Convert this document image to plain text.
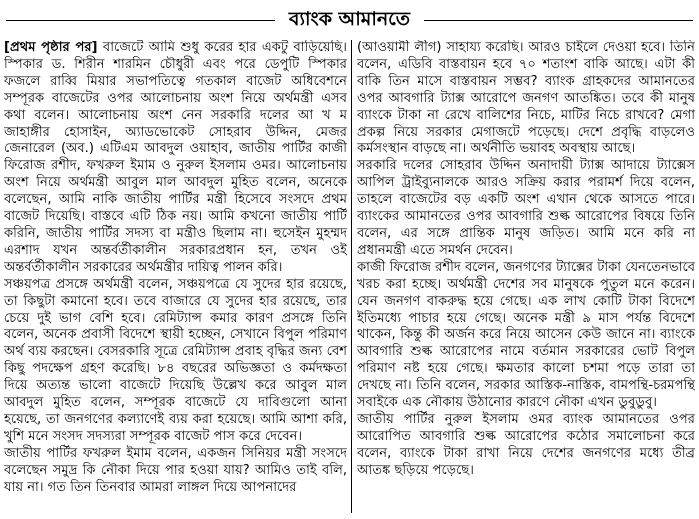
ব্যাংক আমানতে

[প্রথম পৃষ্ঠার পর] বাজেটে আমি শুধু করের হার একটু বাড়িয়েছি। স্পিকার ড. শিরীন শারমিন চৌধুরী এবং পরে ডেপুটি স্পিকার ফজলে রাব্বি মিয়ার সভাপতিত্বে গতকাল বাজেট অধিবেশনে সম্পূরক বাজেটের ওপর আলোচনায় অংশ নিয়ে অর্থমন্ত্রী এসব কথা বলেন। আলোচনায় অংশ নেন সরকারি দলের আ খ ম জাহাঙ্গীর হোসাইন, অ্যাডভোকেট সোহরাব উদ্দিন, মেজর জেনারেল (অব.) এটিএম আবদুল ওয়াহাব, জাতীয় পার্টির কাজী ফিরোজ রশীদ, ফখরুল ইমাম ও নুরুল ইসলাম ওমর। আলোচনায় অংশ নিয়ে অর্থমন্ত্রী আবুল মাল আবদুল মুহিত বলেন, অনেকে বলেছেন, আমি নাকি জাতীয় পার্টির মন্ত্রী হিসেবে সংসদে প্রথম বাজেট দিয়েছি। বাস্তবে এটি ঠিক নয়। আমি কখনো জাতীয় পার্টি করিনি, জাতীয় পার্টির সদস্য বা মন্ত্রীও ছিলাম না। হুসেইন মুহম্মদ এরশাদ যখন অন্তর্বর্তীকালীন সরকারপ্রধান হন, তখন ওই অন্তর্বর্তীকালীন সরকারের অর্থমন্ত্রীর দায়িত্ব পালন করি।

সঞ্চয়পত্র প্রসঙ্গে অর্থমন্ত্রী বলেন, সঞ্চয়পত্রে যে সুদের হার রয়েছে, তা কিছুটা কমানো হবে। তবে বাজারে যে সুদের হার রয়েছে, তার চেয়ে দুই ভাগ বেশি হবে। রেমিট্যান্স কমার কারণ প্রসঙ্গে তিনি বলেন, অনেক প্রবাসী বিদেশে স্থায়ী হচ্ছেন, সেখানে বিপুল পরিমাণ অর্থ ব্যয় করছেন। বেসরকারি সূত্রে রেমিট্যান্স প্রবাহ বৃদ্ধির জন্য বেশ কিছু পদক্ষেপ গ্রহণ করেছি। ৮৪ বছরের অভিজ্ঞতা ও কর্মদক্ষতা দিয়ে অত্যন্ত ভালো বাজেটে দিয়েছি উল্লেখ করে আবুল মাল আবদুল মুহিত বলেন, সম্পূরক বাজেটে যে দাবিগুলো আনা হয়েছে, তা জনগণের কল্যাণেই ব্যয় করা হয়েছে। আমি আশা করি, খুশি মনে সংসদ সদস্যরা সম্পূরক বাজেট পাস করে দেবেন।

জাতীয় পার্টির ফখরুল ইমাম বলেন, একজন সিনিয়র মন্ত্রী সংসদে বলেছেন সমুদ্র কি নৌকা দিয়ে পার হওয়া যায়? আমিও তাই বলি, যায় না। গত তিন তিনবার আমরা লাঙ্গল দিয়ে আপনাদের

(আওয়ামী লীগ) সাহায্য করেছি। আরও চাইলে দেওয়া হবে। তিনি বলেন, এডিবি বাস্তবায়ন হবে ৭০ শতাংশ বাকি আছে। এটা কী বাকি তিন মাসে বাস্তবায়ন সম্ভব? ব্যাংক গ্রাহকদের আমানতের ওপর আবগারি ট্যাক্স আরোপে জনগণ আতঙ্কিত। তবে কী মানুষ ব্যাংকে টাকা না রেখে বালিশের নিচে, মাটির নিচে রাখবে? মেগা প্রকল্প নিয়ে সরকার মেগাজটে পড়েছে। দেশে প্রবৃদ্ধি বাড়লেও কর্মসংস্থান বাড়ছে না। অর্থনীতি ভয়াবহ অবস্থায় আছে।

সরকারি দলের সোহরাব উদ্দিন অনাদায়ী ট্যাক্স আদায়ে ট্যাক্সেস আপিল ট্রাইব্যুনালকে আরও সক্রিয় করার পরামর্শ দিয়ে বলেন, তাহলে বাজেটের বড় একটি অংশ এখান থেকে আসতে পারে। ব্যাংকের আমানতের ওপর আবগারি শুল্ক আরোপের বিষয়ে তিনি বলেন, এর সঙ্গে প্রান্তিক মানুষ জড়িত। আমি মনে করি না প্রধানমন্ত্রী এতে সমর্থন দেবেন।

কাজী ফিরোজ রশীদ বলেন, জনগণের ট্যাক্সের টাকা যেনতেনভাবে খরচ করা হচ্ছে। অর্থমন্ত্রী দেশের সব মানুষকে পুতুল মনে করেন। যেন জনগণ বাকরুদ্ধ হয়ে গেছে। এক লাখ কোটি টাকা বিদেশে ইতিমধ্যে পাচার হয়ে গেছে। অনেক মন্ত্রী ৯ মাস পর্যন্ত বিদেশে থাকেন, কিন্তু কী অর্জন করে নিয়ে আসেন কেউ জানে না। ব্যাংকে আবগারি শুল্ক আরোপের নামে বর্তমান সরকারের ভোট বিপুল পরিমাণ নষ্ট হয়ে গেছে। ক্ষমতার কালো চশমা পড়ে তারা তা দেখছে না। তিনি বলেন, সরকার আস্তিক-নাস্তিক, বামপন্থি-চরমপন্থি সবাইকে এক নৌকায় উঠানোর কারণে নৌকা এখন ডুবুডুবু।

জাতীয় পার্টির নুরুল ইসলাম ওমর ব্যাংক আমানতের ওপর আরোপিত আবগারি শুল্ক আরোপের কঠোর সমালোচনা করে বলেন, ব্যাংকে টাকা রাখা নিয়ে দেশের জনগণের মধ্যে তীব্র আতঙ্ক ছড়িয়ে পড়েছে।
